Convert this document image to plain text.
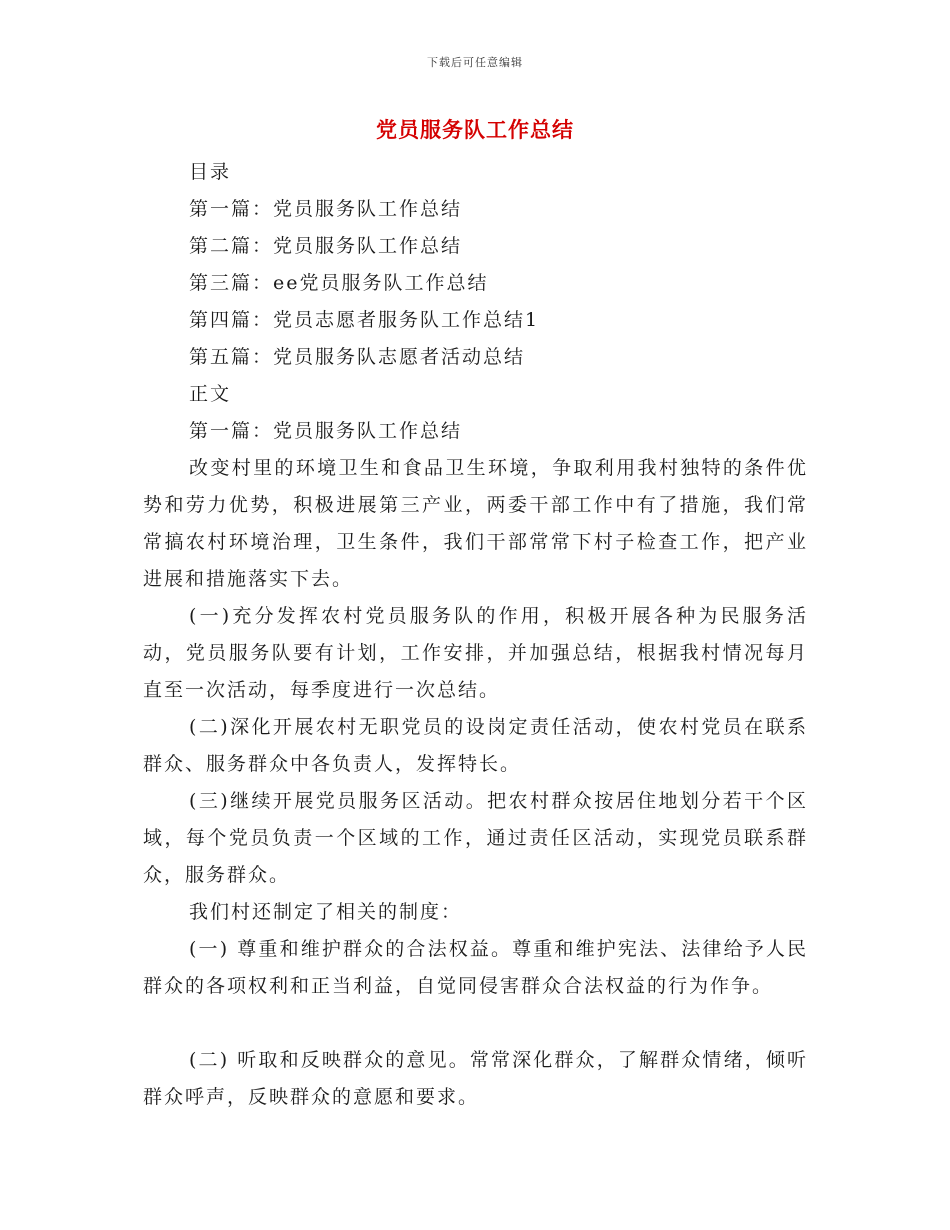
下载后可任意编辑
党员服务队工作总结

目录

第一篇：党员服务队工作总结

第二篇：党员服务队工作总结

第三篇：ee党员服务队工作总结

第四篇：党员志愿者服务队工作总结1

第五篇：党员服务队志愿者活动总结

正文

第一篇：党员服务队工作总结

改变村里的环境卫生和食品卫生环境，争取利用我村独特的条件优势和劳力优势，积极进展第三产业，两委干部工作中有了措施，我们常常搞农村环境治理，卫生条件，我们干部常常下村子检查工作，把产业进展和措施落实下去。

(一)充分发挥农村党员服务队的作用，积极开展各种为民服务活动，党员服务队要有计划，工作安排，并加强总结，根据我村情况每月直至一次活动，每季度进行一次总结。

(二)深化开展农村无职党员的设岗定责任活动，使农村党员在联系群众、服务群众中各负责人，发挥特长。

(三)继续开展党员服务区活动。把农村群众按居住地划分若干个区域，每个党员负责一个区域的工作，通过责任区活动，实现党员联系群众，服务群众。

我们村还制定了相关的制度：

(一) 尊重和维护群众的合法权益。尊重和维护宪法、法律给予人民群众的各项权利和正当利益，自觉同侵害群众合法权益的行为作争。

(二) 听取和反映群众的意见。常常深化群众，了解群众情绪，倾听群众呼声，反映群众的意愿和要求。
